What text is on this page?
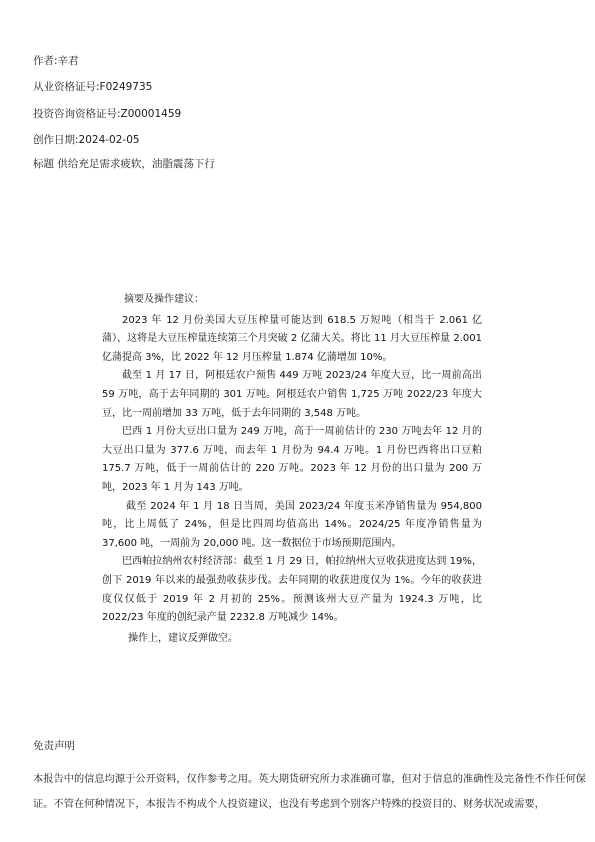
作者:辛君
从业资格证号:F0249735
投资咨询资格证号:Z00001459
创作日期:2024-02-05
标题 供给充足需求疲软，油脂震荡下行

摘要及操作建议：

2023 年 12 月份美国大豆压榨量可能达到 618.5 万短吨（相当于 2.061 亿蒲），这将是大豆压榨量连续第三个月突破 2 亿蒲大关。将比 11 月大豆压榨量 2.001 亿蒲提高 3%，比 2022 年 12 月压榨量 1.874 亿蒲增加 10%。

截至 1 月 17 日，阿根廷农户预售 449 万吨 2023/24 年度大豆，比一周前高出 59 万吨，高于去年同期的 301 万吨。阿根廷农户销售 1,725 万吨 2022/23 年度大豆，比一周前增加 33 万吨，低于去年同期的 3,548 万吨。

巴西 1 月份大豆出口量为 249 万吨，高于一周前估计的 230 万吨去年 12 月的大豆出口量为 377.6 万吨，而去年 1 月份为 94.4 万吨。1 月份巴西将出口豆粕 175.7 万吨，低于一周前估计的 220 万吨。2023 年 12 月份的出口量为 200 万吨，2023 年 1 月为 143 万吨。

截至 2024 年 1 月 18 日当周，美国 2023/24 年度玉米净销售量为 954,800 吨，比上周低了 24%，但是比四周均值高出 14%。2024/25 年度净销售量为 37,600 吨，一周前为 20,000 吨。这一数据位于市场预期范围内。

巴西帕拉纳州农村经济部：截至 1 月 29 日，帕拉纳州大豆收获进度达到 19%，创下 2019 年以来的最强劲收获步伐。去年同期的收获进度仅为 1%。今年的收获进度仅仅低于 2019 年 2 月初的 25%。预测该州大豆产量为 1924.3 万吨，比 2022/23 年度的创纪录产量 2232.8 万吨减少 14%。

操作上，建议反弹做空。

免责声明
本报告中的信息均源于公开资料，仅作参考之用。英大期货研究所力求准确可靠，但对于信息的准确性及完备性不作任何保证。不管在何种情况下，本报告不构成个人投资建议，也没有考虑到个别客户特殊的投资目的、财务状况或需要，
